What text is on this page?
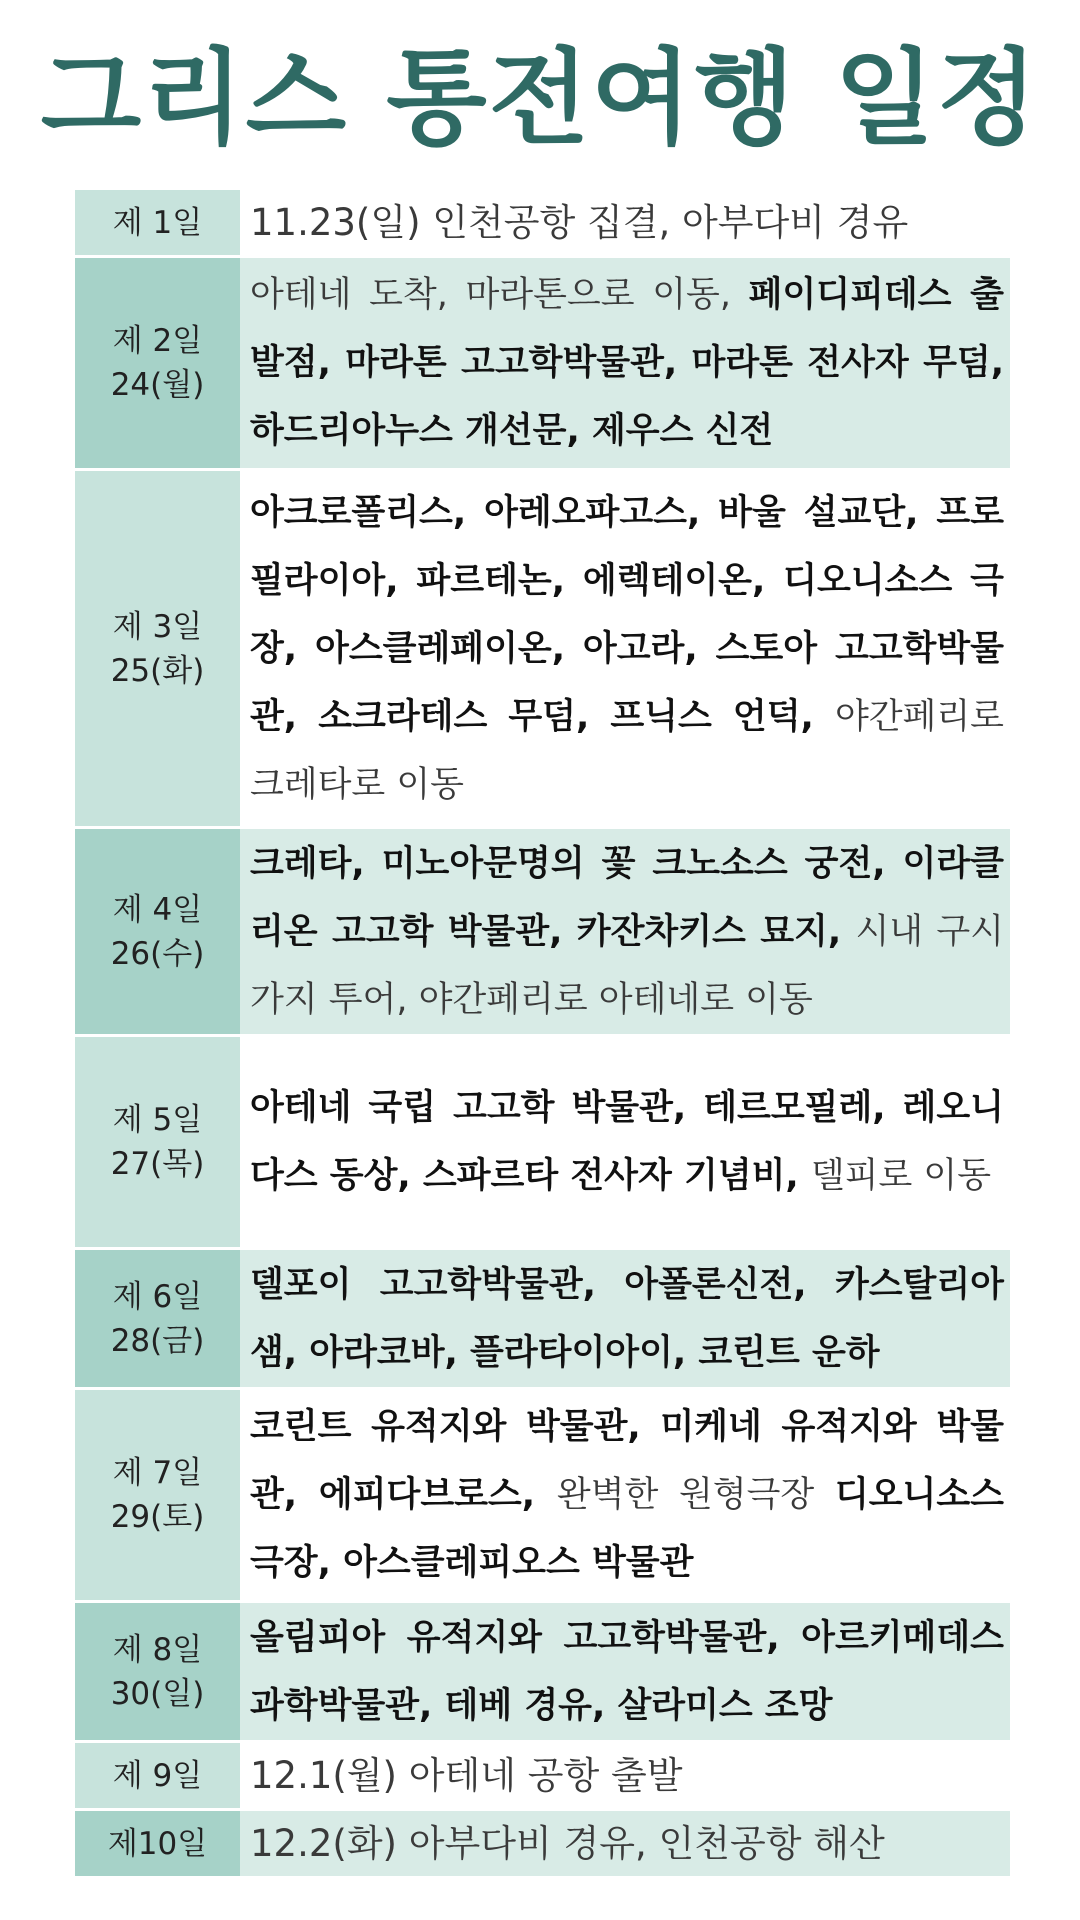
그리스 통전여행 일정
제 1일 11.23(일) 인천공항 집결, 아부다비 경유
제 2일
24(월)
아테네 도착, 마라톤으로 이동, 페이디피데스 출발점, 마라톤 고고학박물관, 마라톤 전사자 무덤, 하드리아누스 개선문, 제우스 신전
제 3일
25(화)
아크로폴리스, 아레오파고스, 바울 설교단, 프로필라이아, 파르테논, 에렉테이온, 디오니소스 극장, 아스클레페이온, 아고라, 스토아 고고학박물관, 소크라테스 무덤, 프닉스 언덕, 야간페리로 크레타로 이동
제 4일
26(수)
크레타, 미노아문명의 꽃 크노소스 궁전, 이라클리온 고고학 박물관, 카잔차키스 묘지, 시내 구시가지 투어, 야간페리로 아테네로 이동
제 5일
27(목)
아테네 국립 고고학 박물관, 테르모필레, 레오니다스 동상, 스파르타 전사자 기념비, 델피로 이동
제 6일
28(금)
델포이 고고학박물관, 아폴론신전, 카스탈리아 샘, 아라코바, 플라타이아이, 코린트 운하
제 7일
29(토)
코린트 유적지와 박물관, 미케네 유적지와 박물관, 에피다브로스, 완벽한 원형극장 디오니소스 극장, 아스클레피오스 박물관
제 8일
30(일)
올림피아 유적지와 고고학박물관, 아르키메데스 과학박물관, 테베 경유, 살라미스 조망
제 9일 12.1(월) 아테네 공항 출발
제10일 12.2(화) 아부다비 경유, 인천공항 해산
